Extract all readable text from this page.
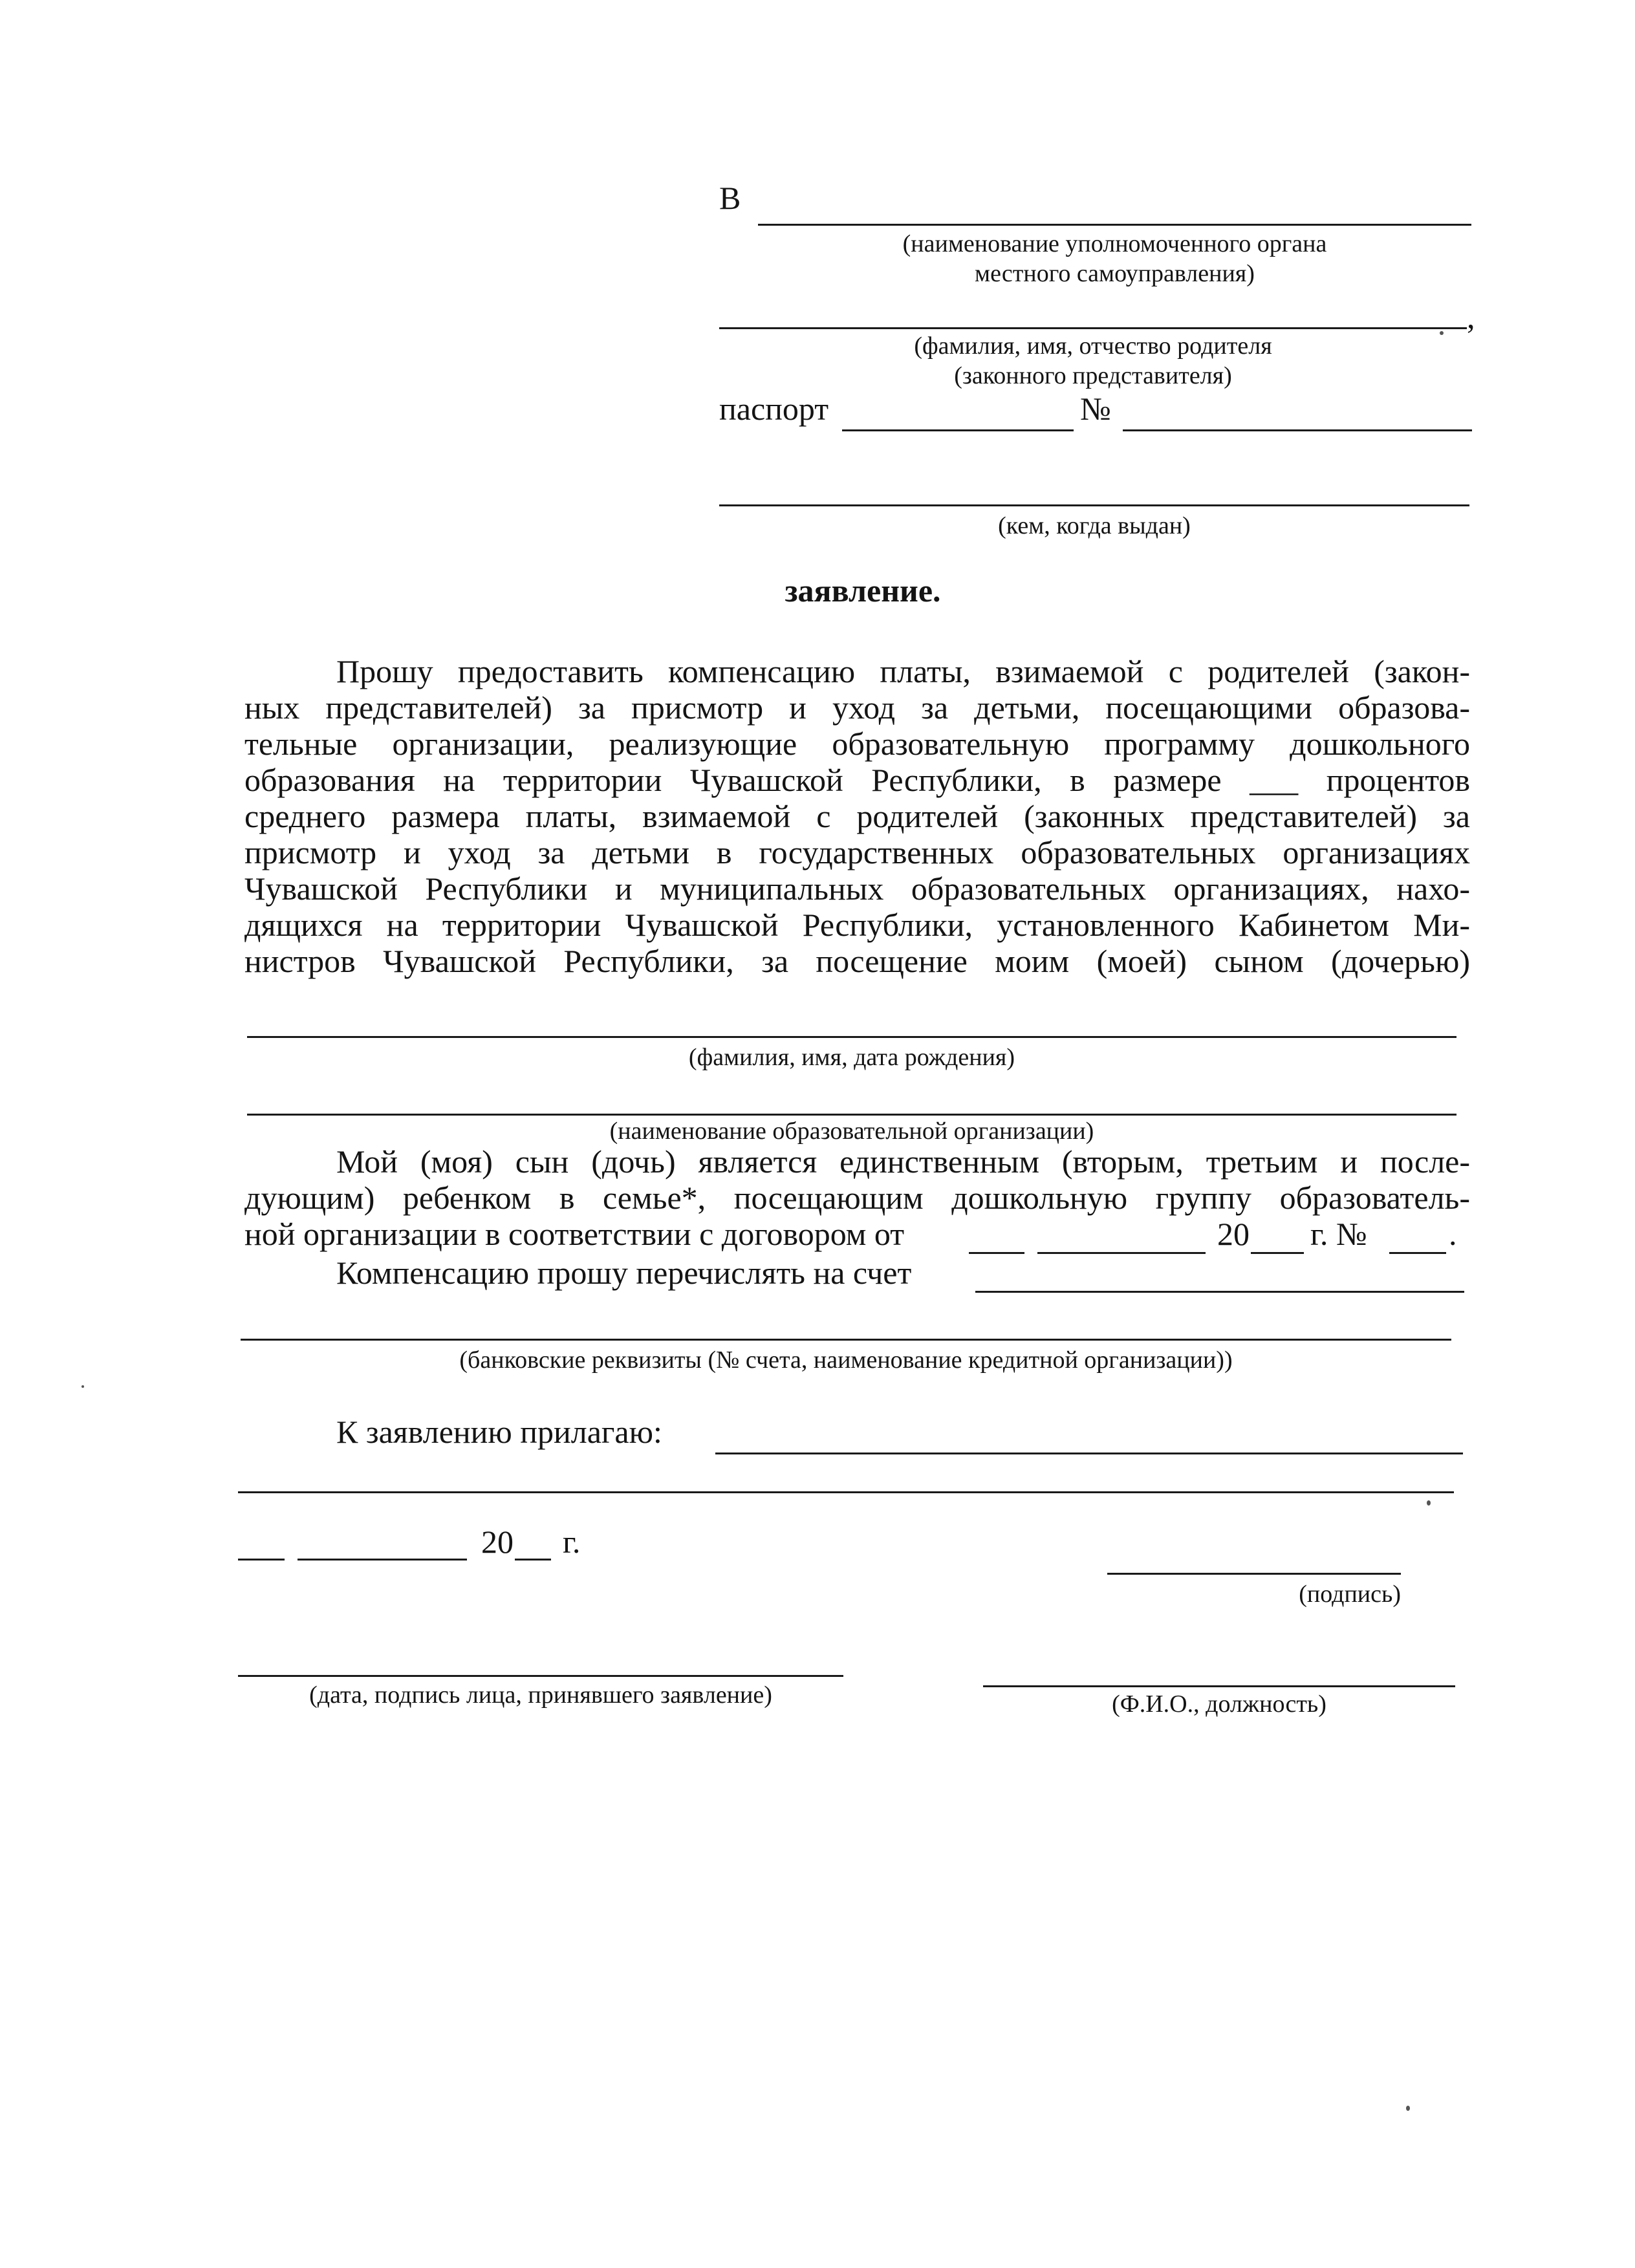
В
(наименование уполномоченного органа
местного самоуправления)
,
(фамилия, имя, отчество родителя
(законного представителя)
паспорт	№
(кем, когда выдан)
заявление.
Прошу предоставить компенсацию платы, взимаемой с родителей (закон-
ных представителей) за присмотр и уход за детьми, посещающими образова-
тельные организации, реализующие образовательную программу дошкольного
образования на территории Чувашской Республики, в размере ___ процентов
среднего размера платы, взимаемой с родителей (законных представителей) за
присмотр и уход за детьми в государственных образовательных организациях
Чувашской Республики и муниципальных образовательных организациях, нахо-
дящихся на территории Чувашской Республики, установленного Кабинетом Ми-
нистров Чувашской Республики, за посещение моим (моей) сыном (дочерью)
(фамилия, имя, дата рождения)
(наименование образовательной организации)
Мой (моя) сын (дочь) является единственным (вторым, третьим и после-
дующим) ребенком в семье*, посещающим дошкольную группу образователь-
ной организации в соответствии с договором от	20 г. №	.
Компенсацию прошу перечислять на счет
(банковские реквизиты (№ счета, наименование кредитной организации))
К заявлению прилагаю:
20 г.
(подпись)
(дата, подпись лица, принявшего заявление)	(Ф.И.О., должность)
